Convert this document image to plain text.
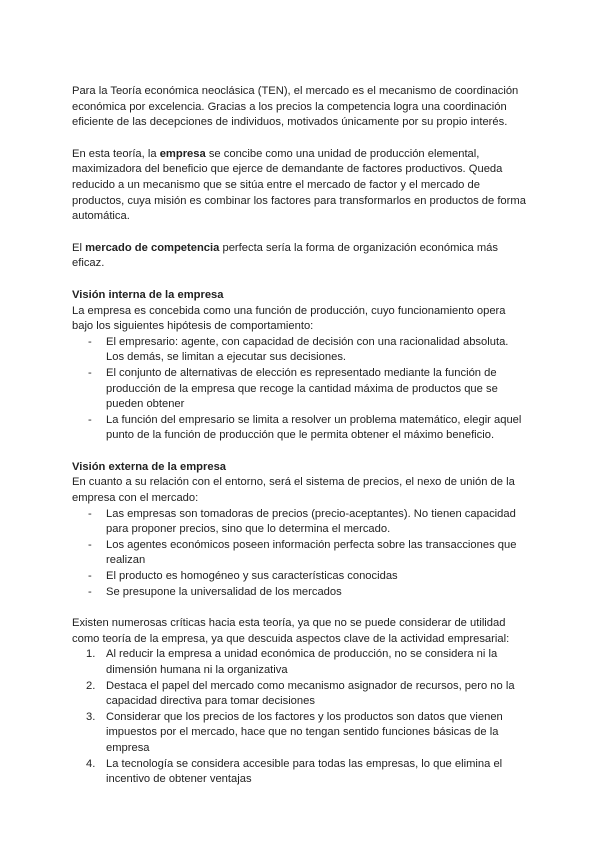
Para la Teoría económica neoclásica (TEN), el mercado es el mecanismo de coordinación económica por excelencia. Gracias a los precios la competencia logra una coordinación eficiente de las decepciones de individuos, motivados únicamente por su propio interés.

En esta teoría, la empresa se concibe como una unidad de producción elemental, maximizadora del beneficio que ejerce de demandante de factores productivos. Queda reducido a un mecanismo que se sitúa entre el mercado de factor y el mercado de productos, cuya misión es combinar los factores para transformarlos en productos de forma automática.

El mercado de competencia perfecta sería la forma de organización económica más eficaz.

Visión interna de la empresa

La empresa es concebida como una función de producción, cuyo funcionamiento opera bajo los siguientes hipótesis de comportamiento:

- El empresario: agente, con capacidad de decisión con una racionalidad absoluta. Los demás, se limitan a ejecutar sus decisiones.
- El conjunto de alternativas de elección es representado mediante la función de producción de la empresa que recoge la cantidad máxima de productos que se pueden obtener
- La función del empresario se limita a resolver un problema matemático, elegir aquel punto de la función de producción que le permita obtener el máximo beneficio.

Visión externa de la empresa

En cuanto a su relación con el entorno, será el sistema de precios, el nexo de unión de la empresa con el mercado:

- Las empresas son tomadoras de precios (precio-aceptantes). No tienen capacidad para proponer precios, sino que lo determina el mercado.
- Los agentes económicos poseen información perfecta sobre las transacciones que realizan
- El producto es homogéneo y sus características conocidas
- Se presupone la universalidad de los mercados

Existen numerosas críticas hacia esta teoría, ya que no se puede considerar de utilidad como teoría de la empresa, ya que descuida aspectos clave de la actividad empresarial:

1. Al reducir la empresa a unidad económica de producción, no se considera ni la dimensión humana ni la organizativa
2. Destaca el papel del mercado como mecanismo asignador de recursos, pero no la capacidad directiva para tomar decisiones
3. Considerar que los precios de los factores y los productos son datos que vienen impuestos por el mercado, hace que no tengan sentido funciones básicas de la empresa
4. La tecnología se considera accesible para todas las empresas, lo que elimina el incentivo de obtener ventajas
